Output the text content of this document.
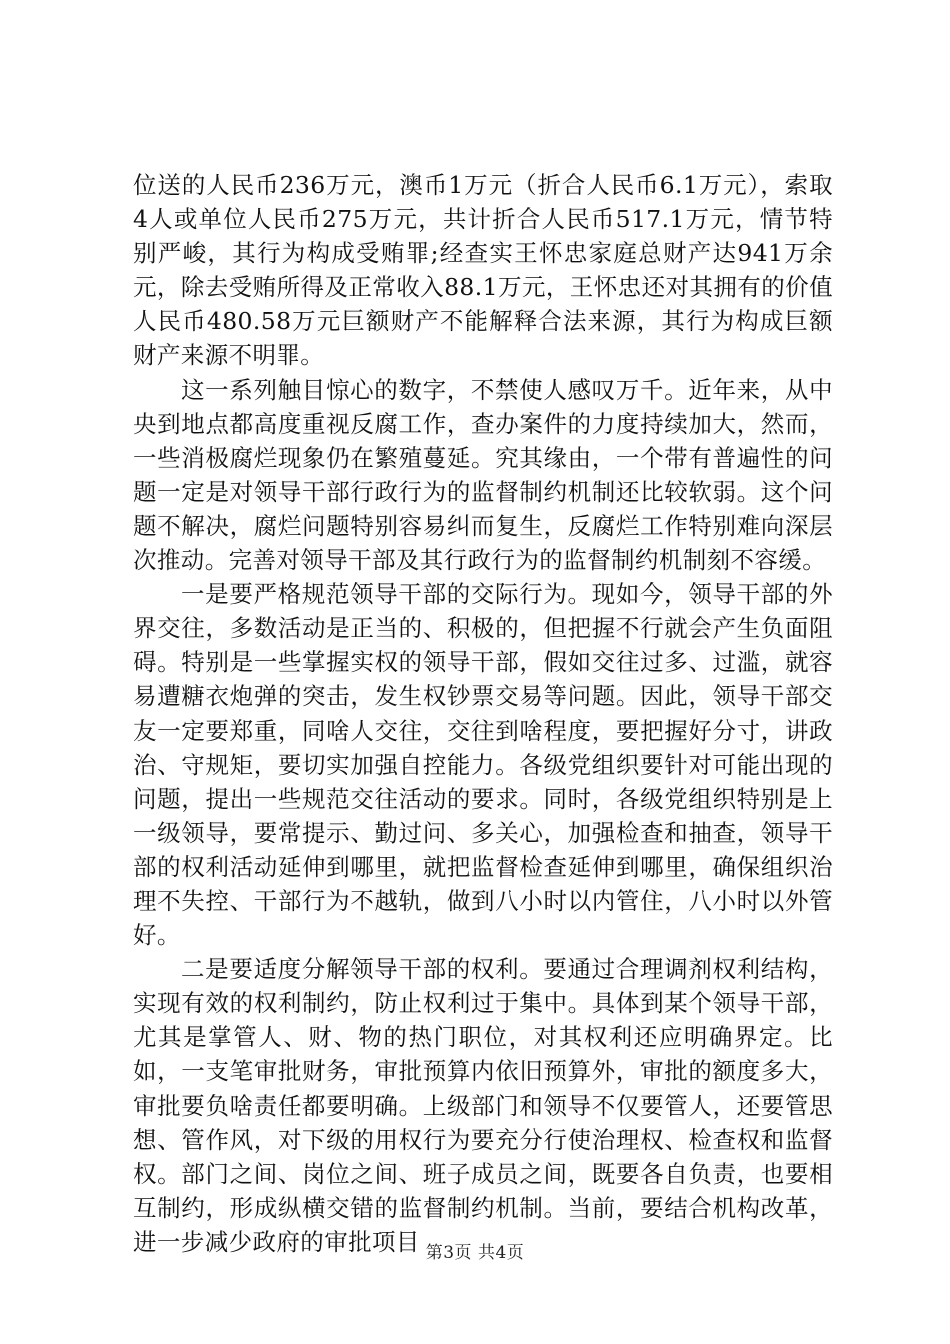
位送的人民币236万元，澳币1万元（折合人民币6.1万元），索取4人或单位人民币275万元，共计折合人民币517.1万元，情节特别严峻，其行为构成受贿罪;经查实王怀忠家庭总财产达941万余元，除去受贿所得及正常收入88.1万元，王怀忠还对其拥有的价值人民币480.58万元巨额财产不能解释合法来源，其行为构成巨额财产来源不明罪。

这一系列触目惊心的数字，不禁使人感叹万千。近年来，从中央到地点都高度重视反腐工作，查办案件的力度持续加大，然而，一些消极腐烂现象仍在繁殖蔓延。究其缘由，一个带有普遍性的问题一定是对领导干部行政行为的监督制约机制还比较软弱。这个问题不解决，腐烂问题特别容易纠而复生，反腐烂工作特别难向深层次推动。完善对领导干部及其行政行为的监督制约机制刻不容缓。

一是要严格规范领导干部的交际行为。现如今，领导干部的外界交往，多数活动是正当的、积极的，但把握不行就会产生负面阻碍。特别是一些掌握实权的领导干部，假如交往过多、过滥，就容易遭糖衣炮弹的突击，发生权钞票交易等问题。因此，领导干部交友一定要郑重，同啥人交往，交往到啥程度，要把握好分寸，讲政治、守规矩，要切实加强自控能力。各级党组织要针对可能出现的问题，提出一些规范交往活动的要求。同时，各级党组织特别是上一级领导，要常提示、勤过问、多关心，加强检查和抽查，领导干部的权利活动延伸到哪里，就把监督检查延伸到哪里，确保组织治理不失控、干部行为不越轨，做到八小时以内管住，八小时以外管好。

二是要适度分解领导干部的权利。要通过合理调剂权利结构，实现有效的权利制约，防止权利过于集中。具体到某个领导干部，尤其是掌管人、财、物的热门职位，对其权利还应明确界定。比如，一支笔审批财务，审批预算内依旧预算外，审批的额度多大，审批要负啥责任都要明确。上级部门和领导不仅要管人，还要管思想、管作风，对下级的用权行为要充分行使治理权、检查权和监督权。部门之间、岗位之间、班子成员之间，既要各自负责，也要相互制约，形成纵横交错的监督制约机制。当前，要结合机构改革，进一步减少政府的审批项目 第3页 共4页
